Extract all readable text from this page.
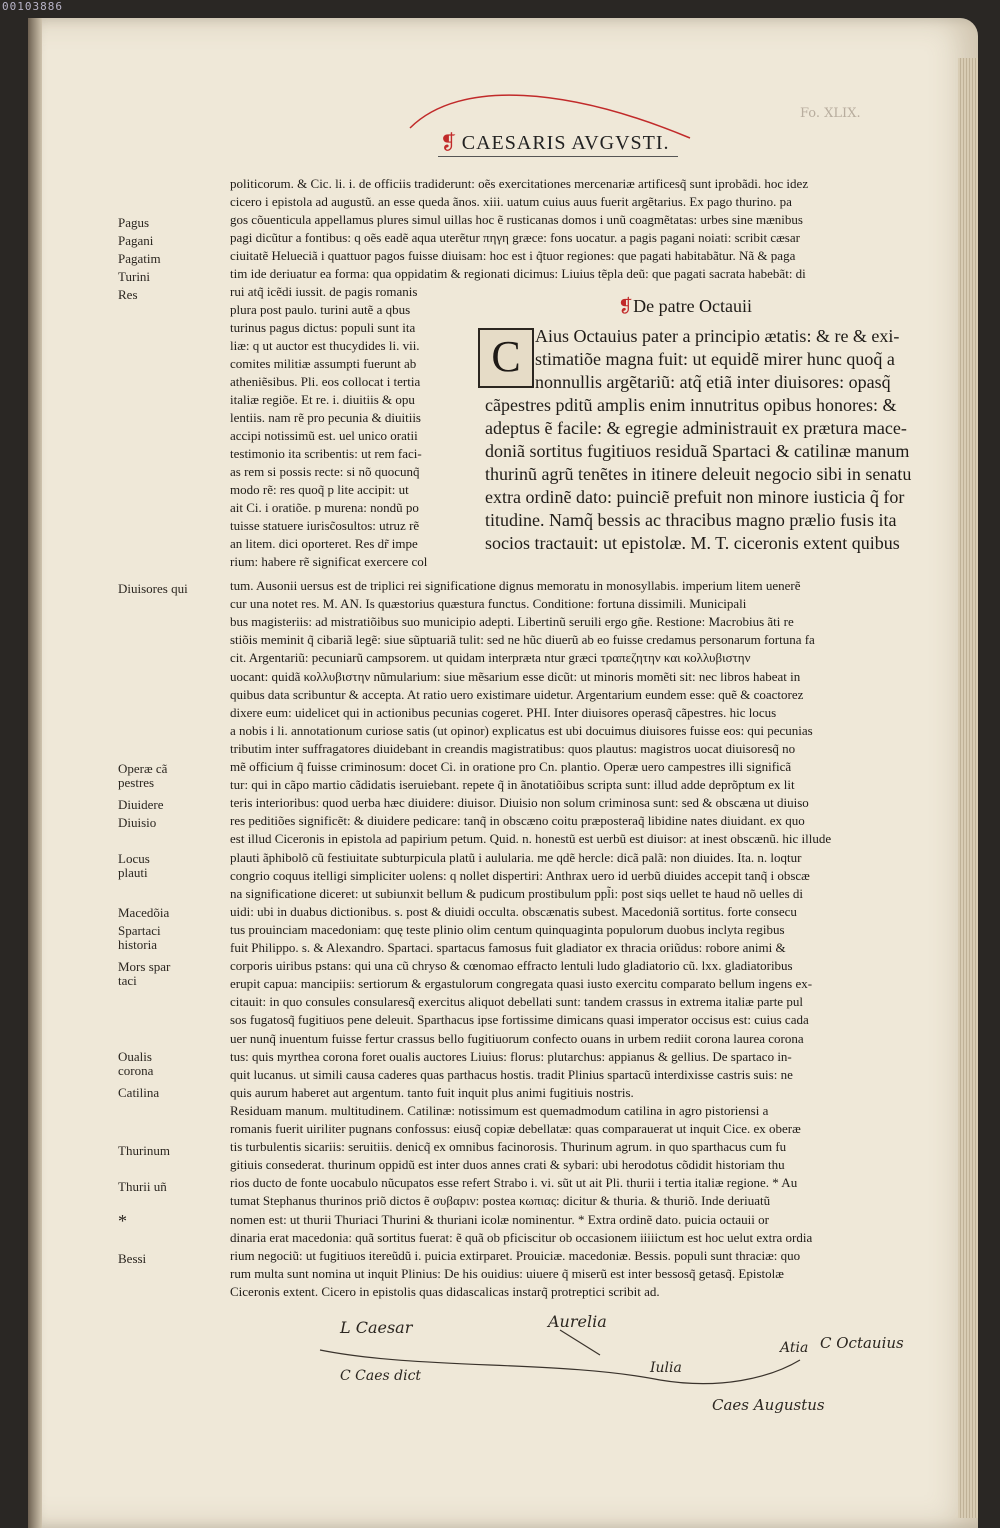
00103886
Fo. XLIX.
❡ CAESARIS AVGVSTI.
Pagus
Pagani
Pagatim
Turini
Res
Diuisores qui
Operæ cã pestres
Diuidere
Diuisio
Locus plauti
Macedõia
Spartaci historia
Mors spar taci
Oualis corona
Catilina
Thurinum
Thurii uñ
*
Bessi
politicorum. & Cic. li. i. de officiis tradiderunt: oẽs exercitationes mercenariæ artificesq̃ sunt iprobãdi. hoc idez
cicero i epistola ad augustũ. an esse queda ãnos. xiii. uatum cuius auus fuerit argẽtarius. Ex pago thurino. pa
gos cõuenticula appellamus plures simul uillas hoc ẽ rusticanas domos i unũ coagmẽtatas: urbes sine mænibus
pagi dicũtur a fontibus: q oẽs eadẽ aqua uterẽtur πηγη græce: fons uocatur. a pagis pagani noiati: scribit cæsar
ciuitatẽ Helueciã i quattuor pagos fuisse diuisam: hoc est i q̃tuor regiones: que pagati habitabãtur. Nã & paga
tim ide deriuatur ea forma: qua oppidatim & regionati dicimus: Liuius tẽpla deũ: que pagati sacrata habebãt: di
rui atq̃ icẽdi iussit. de pagis romanis
❡De patre Octauii
C
plura post paulo. turini autẽ a qbus
turinus pagus dictus: populi sunt ita
liæ: q ut auctor est thucydides li. vii.
comites militiæ assumpti fuerunt ab
atheniẽsibus. Pli. eos collocat i tertia
italiæ regiõe. Et re. i. diuitiis & opu
lentiis. nam rẽ pro pecunia & diuitiis
accipi notissimũ est. uel unico oratii
testimonio ita scribentis: ut rem faci-
as rem si possis recte: si nõ quocunq̃
modo rẽ: res quoq̃ p lite accipit: ut
ait Ci. i oratiõe. p murena: nondũ po
tuisse statuere iurisc̃osultos: utruz rẽ
an litem. dici oporteret. Res dr̃ impe
rium: habere rẽ significat exercere col
Aius Octauius pater a principio ætatis: & re & exi-
stimatiõe magna fuit: ut equidẽ mirer hunc quoq̃ a
nonnullis argẽtariũ: atq̃ etiã inter diuisores: opasq̃
cãpestres pditũ amplis enim innutritus opibus honores: &
adeptus ẽ facile: & egregie administrauit ex prætura mace-
doniã sortitus fugitiuos residuã Spartaci & catilinæ manum
thurinũ agrũ tenẽtes in itinere deleuit negocio sibi in senatu
extra ordinẽ dato: puinciẽ prefuit non minore iusticia q̃ for
titudine. Namq̃ bessis ac thracibus magno prælio fusis ita
socios tractauit: ut epistolæ. M. T. ciceronis extent quibus
tum. Ausonii uersus est de triplici rei significatione dignus memoratu in monosyllabis. imperium litem uenerẽ
cur una notet res. M. AN. Is quæstorius quæstura functus. Conditione: fortuna dissimili. Municipali
bus magisteriis: ad mistratiõibus suo municipio adepti. Libertinũ seruili ergo gñe. Restione: Macrobius ãti re
stiõis meminit q̃ cibariã legẽ: siue sũptuariã tulit: sed ne hũc diuerũ ab eo fuisse credamus personarum fortuna fa
cit. Argentariũ: pecuniarũ campsorem. ut quidam interpræta ntur græci τραπεζητην και κολλυβιστην
uocant: quidã κολλυβιστην nũmularium: siue mẽsarium esse dicũt: ut minoris momẽti sit: nec libros habeat in
quibus data scribuntur & accepta. At ratio uero existimare uidetur. Argentarium eundem esse: quẽ & coactorez
dixere eum: uidelicet qui in actionibus pecunias cogeret. PHI. Inter diuisores operasq̃ cãpestres. hic locus
a nobis i li. annotationum curiose satis (ut opinor) explicatus est ubi docuimus diuisores fuisse eos: qui pecunias
tributim inter suffragatores diuidebant in creandis magistratibus: quos plautus: magistros uocat diuisoresq̃ no
mẽ officium q̃ fuisse criminosum: docet Ci. in oratione pro Cn. plantio. Operæ uero campestres illi significã
tur: qui in cãpo martio cãdidatis iseruiebant. repete q̃ in ãnotatiõibus scripta sunt: illud adde deprõptum ex lit
teris interioribus: quod uerba hæc diuidere: diuisor. Diuisio non solum criminosa sunt: sed & obscæna ut diuiso
res peditiões significẽt: & diuidere pedicare: tanq̃ in obscæno coitu præposteraq̃ libidine nates diuidant. ex quo
est illud Ciceronis in epistola ad papirium petum. Quid. n. honestũ est uerbũ est diuisor: at inest obscænũ. hic illude
plauti ãphibolõ cũ festiuitate subturpicula platũ i aulularia. me qdẽ hercle: dicã palã: non diuides. Ita. n. loqtur
congrio coquus itelligi simpliciter uolens: q nollet dispertiri: Anthrax uero id uerbũ diuides accepit tanq̃ i obscæ
na significatione diceret: ut subiunxit bellum & pudicum prostibulum ppl̃i: post siqs uellet te haud nõ uelles di
uidi: ubi in duabus dictionibus. s. post & diuidi occulta. obscænatis subest. Macedoniã sortitus. forte consecu
tus prouinciam macedoniam: quę teste plinio olim centum quinquaginta populorum duobus inclyta regibus
fuit Philippo. s. & Alexandro. Spartaci. spartacus famosus fuit gladiator ex thracia oriũdus: robore animi &
corporis uiribus pstans: qui una cũ chryso & cœnomao effracto lentuli ludo gladiatorio cũ. lxx. gladiatoribus
erupit capua: mancipiis: sertiorum & ergastulorum congregata quasi iusto exercitu comparato bellum ingens ex-
citauit: in quo consules consularesq̃ exercitus aliquot debellati sunt: tandem crassus in extrema italiæ parte pul
sos fugatosq̃ fugitiuos pene deleuit. Sparthacus ipse fortissime dimicans quasi imperator occisus est: cuius cada
uer nunq̃ inuentum fuisse fertur crassus bello fugitiuorum confecto ouans in urbem rediit corona laurea corona
tus: quis myrthea corona foret oualis auctores Liuius: florus: plutarchus: appianus & gellius. De spartaco in-
quit lucanus. ut simili causa caderes quas parthacus hostis. tradit Plinius spartacũ interdixisse castris suis: ne
quis aurum haberet aut argentum. tanto fuit inquit plus animi fugitiuis nostris.
Residuam manum. multitudinem. Catilinæ: notissimum est quemadmodum catilina in agro pistoriensi a
romanis fuerit uiriliter pugnans confossus: eiusq̃ copiæ debellatæ: quas comparauerat ut inquit Cice. ex oberæ
tis turbulentis sicariis: seruitiis. denicq̃ ex omnibus facinorosis. Thurinum agrum. in quo sparthacus cum fu
gitiuis consederat. thurinum oppidũ est inter duos annes crati & sybari: ubi herodotus cõdidit historiam thu
rios ducto de fonte uocabulo nũcupatos esse refert Strabo i. vi. sũt ut ait Pli. thurii i tertia italiæ regione. * Au
tumat Stephanus thurinos priõ dictos ẽ συβαριν: postea κωπιας: dicitur & thuria. & thuriõ. Inde deriuatũ
nomen est: ut thurii Thuriaci Thurini & thuriani icolæ nominentur. * Extra ordinẽ dato. puicia octauii or
dinaria erat macedonia: quã sortitus fuerat: ẽ quã ob pficiscitur ob occasionem iiiiictum est hoc uelut extra ordia
rium negociũ: ut fugitiuos itereũdũ i. puicia extirparet. Prouiciæ. macedoniæ. Bessis. populi sunt thraciæ: quo
rum multa sunt nomina ut inquit Plinius: De his ouidius: uiuere q̃ miserũ est inter bessosq̃ getasq̃. Epistolæ
Ciceronis extent. Cicero in epistolis quas didascalicas instarq̃ protreptici scribit ad.
L Caesar	Aurelia
C Caes dict	Iulia
Atia C Octauius
Caes Augustus
